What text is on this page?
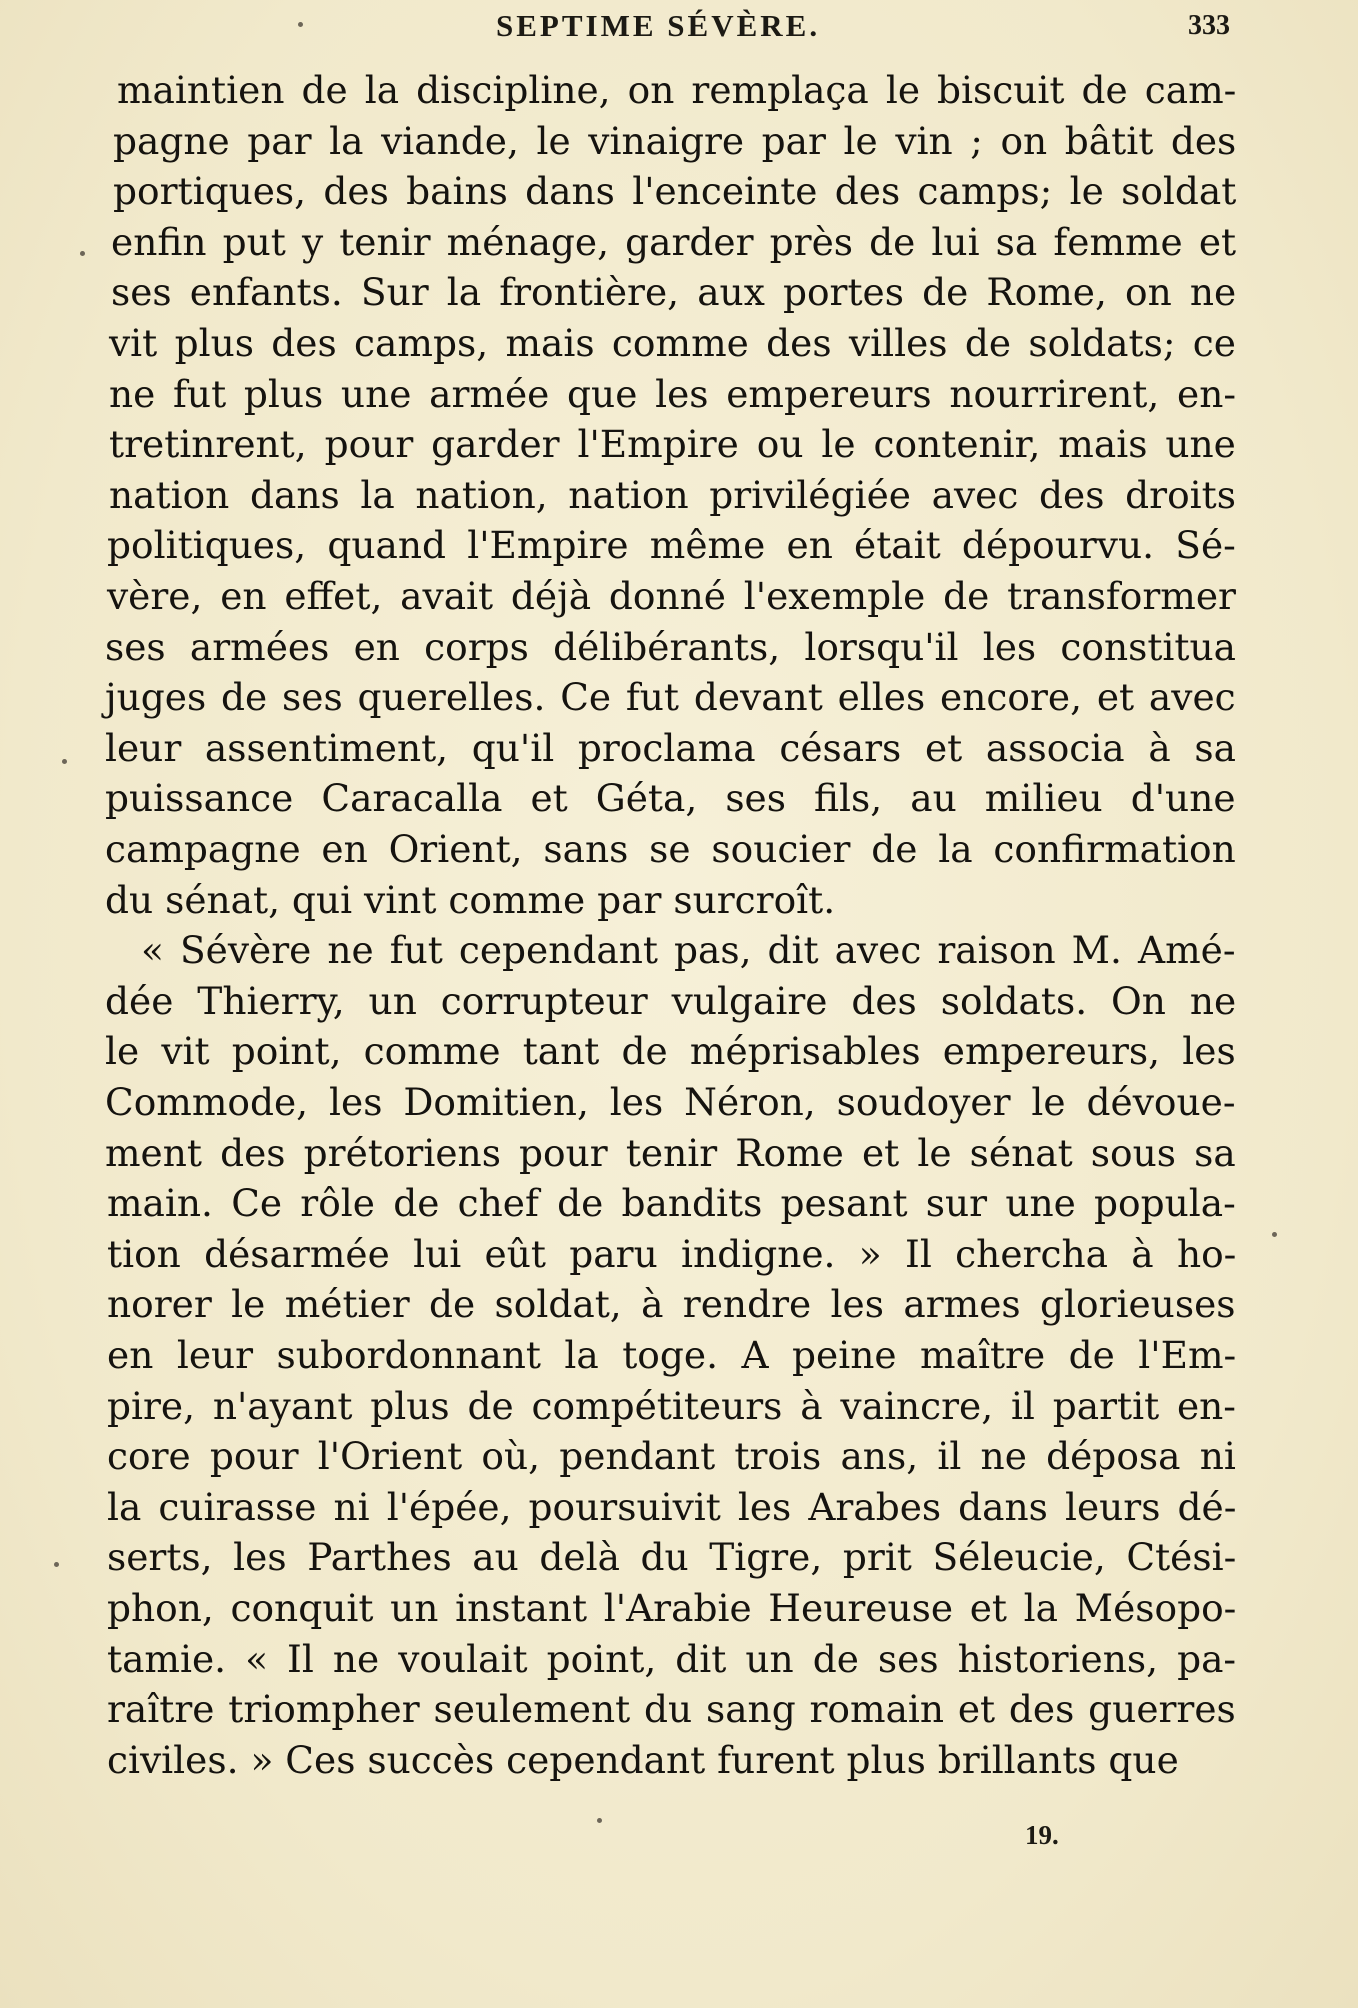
SEPTIME SÉVÈRE.	333
maintien de la discipline, on remplaça le biscuit de cam-
pagne par la viande, le vinaigre par le vin ; on bâtit des
portiques, des bains dans l'enceinte des camps; le soldat
enfin put y tenir ménage, garder près de lui sa femme et
ses enfants. Sur la frontière, aux portes de Rome, on ne
vit plus des camps, mais comme des villes de soldats; ce
ne fut plus une armée que les empereurs nourrirent, en-
tretinrent, pour garder l'Empire ou le contenir, mais une
nation dans la nation, nation privilégiée avec des droits
politiques, quand l'Empire même en était dépourvu. Sé-
vère, en effet, avait déjà donné l'exemple de transformer
ses armées en corps délibérants, lorsqu'il les constitua
juges de ses querelles. Ce fut devant elles encore, et avec
leur assentiment, qu'il proclama césars et associa à sa
puissance Caracalla et Géta, ses fils, au milieu d'une
campagne en Orient, sans se soucier de la confirmation
du sénat, qui vint comme par surcroît.
« Sévère ne fut cependant pas, dit avec raison M. Amé-
dée Thierry, un corrupteur vulgaire des soldats. On ne
le vit point, comme tant de méprisables empereurs, les
Commode, les Domitien, les Néron, soudoyer le dévoue-
ment des prétoriens pour tenir Rome et le sénat sous sa
main. Ce rôle de chef de bandits pesant sur une popula-
tion désarmée lui eût paru indigne. » Il chercha à ho-
norer le métier de soldat, à rendre les armes glorieuses
en leur subordonnant la toge. A peine maître de l'Em-
pire, n'ayant plus de compétiteurs à vaincre, il partit en-
core pour l'Orient où, pendant trois ans, il ne déposa ni
la cuirasse ni l'épée, poursuivit les Arabes dans leurs dé-
serts, les Parthes au delà du Tigre, prit Séleucie, Ctési-
phon, conquit un instant l'Arabie Heureuse et la Mésopo-
tamie. « Il ne voulait point, dit un de ses historiens, pa-
raître triompher seulement du sang romain et des guerres
civiles. » Ces succès cependant furent plus brillants que
19.
